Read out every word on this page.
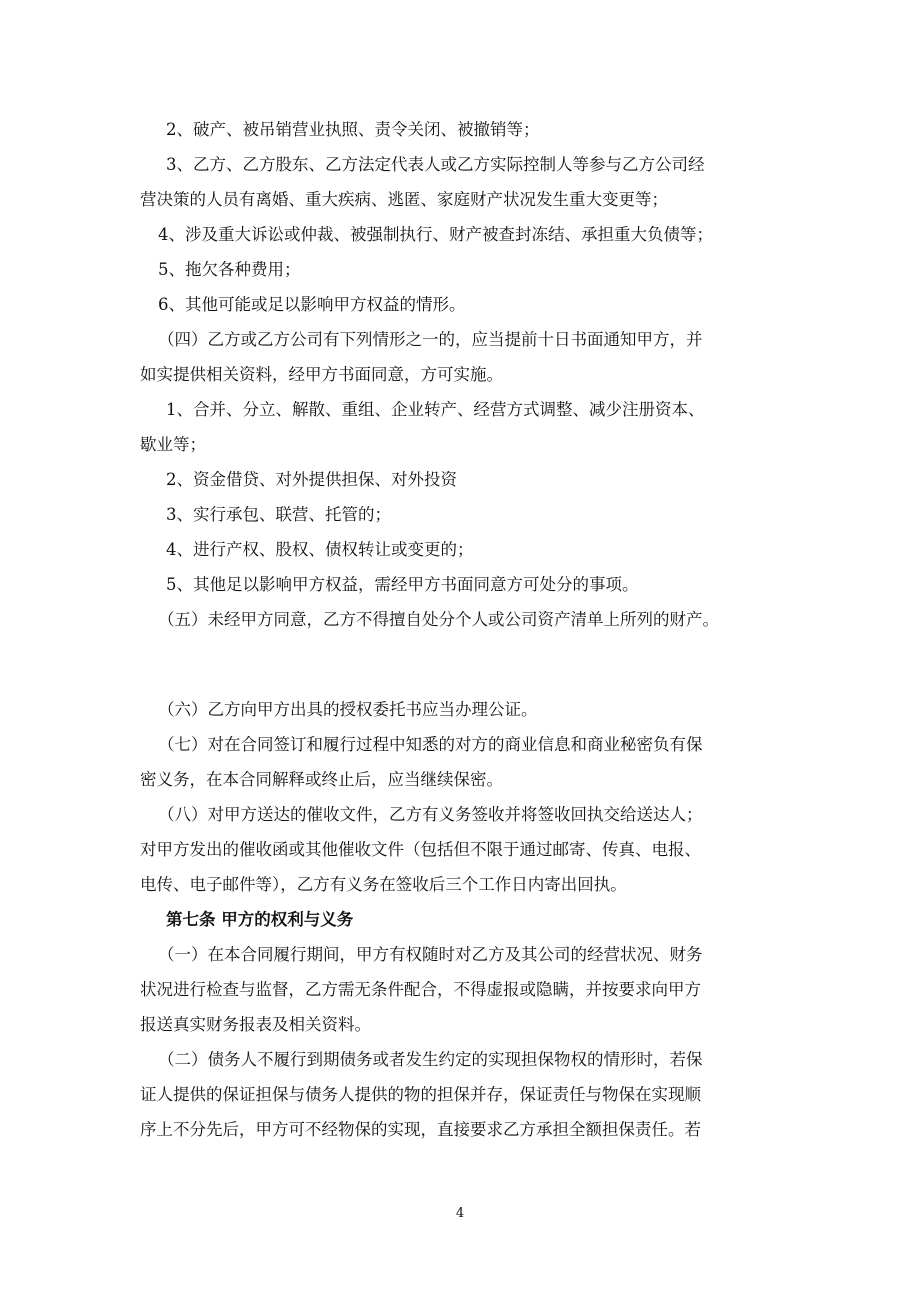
2、破产、被吊销营业执照、责令关闭、被撤销等；
3、乙方、乙方股东、乙方法定代表人或乙方实际控制人等参与乙方公司经
营决策的人员有离婚、重大疾病、逃匿、家庭财产状况发生重大变更等；
4、涉及重大诉讼或仲裁、被强制执行、财产被查封冻结、承担重大负债等；
5、拖欠各种费用；
6、其他可能或足以影响甲方权益的情形。
（四）乙方或乙方公司有下列情形之一的，应当提前十日书面通知甲方，并
如实提供相关资料，经甲方书面同意，方可实施。
1、合并、分立、解散、重组、企业转产、经营方式调整、减少注册资本、
歇业等；
2、资金借贷、对外提供担保、对外投资
3、实行承包、联营、托管的；
4、进行产权、股权、债权转让或变更的；
5、其他足以影响甲方权益，需经甲方书面同意方可处分的事项。
（五）未经甲方同意，乙方不得擅自处分个人或公司资产清单上所列的财产。
（六）乙方向甲方出具的授权委托书应当办理公证。
（七）对在合同签订和履行过程中知悉的对方的商业信息和商业秘密负有保
密义务，在本合同解释或终止后，应当继续保密。
（八）对甲方送达的催收文件，乙方有义务签收并将签收回执交给送达人；
对甲方发出的催收函或其他催收文件（包括但不限于通过邮寄、传真、电报、
电传、电子邮件等），乙方有义务在签收后三个工作日内寄出回执。
第七条 甲方的权利与义务
（一）在本合同履行期间，甲方有权随时对乙方及其公司的经营状况、财务
状况进行检查与监督，乙方需无条件配合，不得虚报或隐瞒，并按要求向甲方
报送真实财务报表及相关资料。
（二）债务人不履行到期债务或者发生约定的实现担保物权的情形时，若保
证人提供的保证担保与债务人提供的物的担保并存，保证责任与物保在实现顺
序上不分先后，甲方可不经物保的实现，直接要求乙方承担全额担保责任。若
4
